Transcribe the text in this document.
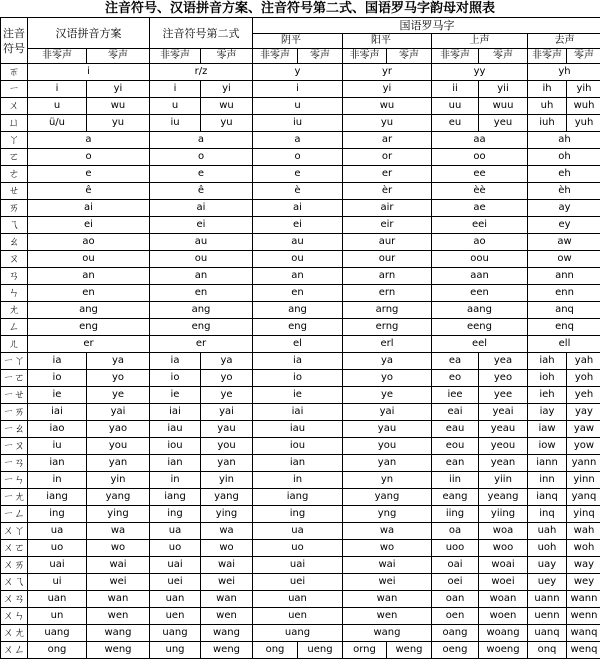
注音符号、汉语拼音方案、注音符号第二式、国语罗马字韵母对照表
注音符号	汉语拼音方案		注音符号第二式		国语罗马字							
					阴平		阳平		上声		去声	
	非零声	零声	非零声	零声	非零声	零声	非零声	零声	非零声	零声	非零声	零声
ㄭ	i		r/z		y		yr		yy		yh	
ㄧ	i	yi	i	yi	i		yi		ii	yii	ih	yih
ㄨ	u	wu	u	wu	u		wu		uu	wuu	uh	wuh
ㄩ	ü/u	yu	iu	yu	iu		yu		eu	yeu	iuh	yuh
ㄚ	a		a		a		ar		aa		ah	
ㄛ	o		o		o		or		oo		oh	
ㄜ	e		e		e		er		ee		eh	
ㄝ	ê		ê		è		èr		èè		èh	
ㄞ	ai		ai		ai		air		ae		ay	
ㄟ	ei		ei		ei		eir		eei		ey	
ㄠ	ao		au		au		aur		ao		aw	
ㄡ	ou		ou		ou		our		oou		ow	
ㄢ	an		an		an		arn		aan		ann	
ㄣ	en		en		en		ern		een		enn	
ㄤ	ang		ang		ang		arng		aang		anq	
ㄥ	eng		eng		eng		erng		eeng		enq	
ㄦ	er		er		el		erl		eel		ell	
ㄧㄚ	ia	ya	ia	ya	ia		ya		ea	yea	iah	yah
ㄧㄛ	io	yo	io	yo	io		yo		eo	yeo	ioh	yoh
ㄧㄝ	ie	ye	ie	ye	ie		ye		iee	yee	ieh	yeh
ㄧㄞ	iai	yai	iai	yai	iai		yai		eai	yeai	iay	yay
ㄧㄠ	iao	yao	iau	yau	iau		yau		eau	yeau	iaw	yaw
ㄧㄡ	iu	you	iou	you	iou		you		eou	yeou	iow	yow
ㄧㄢ	ian	yan	ian	yan	ian		yan		ean	yean	iann	yann
ㄧㄣ	in	yin	in	yin	in		yn		iin	yiin	inn	yinn
ㄧㄤ	iang	yang	iang	yang	iang		yang		eang	yeang	ianq	yanq
ㄧㄥ	ing	ying	ing	ying	ing		yng		iing	yiing	inq	yinq
ㄨㄚ	ua	wa	ua	wa	ua		wa		oa	woa	uah	wah
ㄨㄛ	uo	wo	uo	wo	uo		wo		uoo	woo	uoh	woh
ㄨㄞ	uai	wai	uai	wai	uai		wai		oai	woai	uay	way
ㄨㄟ	ui	wei	uei	wei	uei		wei		oei	woei	uey	wey
ㄨㄢ	uan	wan	uan	wan	uan		wan		oan	woan	uann	wann
ㄨㄣ	un	wen	uen	wen	uen		wen		oen	woen	uenn	wenn
ㄨㄤ	uang	wang	uang	wang	uang		wang		oang	woang	uanq	wanq
ㄨㄥ	ong	weng	ung	weng	ong	ueng	orng	weng	oeng	woeng	onq	wenq
